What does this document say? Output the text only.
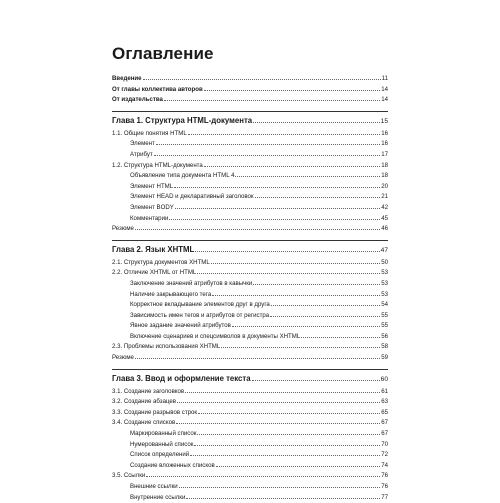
Оглавление
Введение	11
От главы коллектива авторов	14
От издательства	14
Глава 1. Структура HTML-документа	15
1.1. Общие понятия HTML	16
Элемент	16
Атрибут	17
1.2. Структура HTML-документа	18
Объявление типа документа HTML 4	18
Элемент HTML	20
Элемент HEAD и декларативный заголовок	21
Элемент BODY	42
Комментарии	45
Резюме	46
Глава 2. Язык XHTML	47
2.1. Структура документов XHTML	50
2.2. Отличие XHTML от HTML	53
Заключение значений атрибутов в кавычки	53
Наличие закрывающего тега	53
Корректное вкладывание элементов друг в друга	54
Зависимость имен тегов и атрибутов от регистра	55
Явное задание значений атрибутов	55
Включение сценариев и спецсимволов в документы XHTML	56
2.3. Проблемы использования XHTML	58
Резюме	59
Глава 3. Ввод и оформление текста	60
3.1. Создание заголовков	61
3.2. Создание абзацев	63
3.3. Создание разрывов строк	65
3.4. Создание списков	67
Маркированный список	67
Нумерованный список	70
Список определений	72
Создание вложенных списков	74
3.5. Ссылки	76
Внешние ссылки	76
Внутренние ссылки	77
